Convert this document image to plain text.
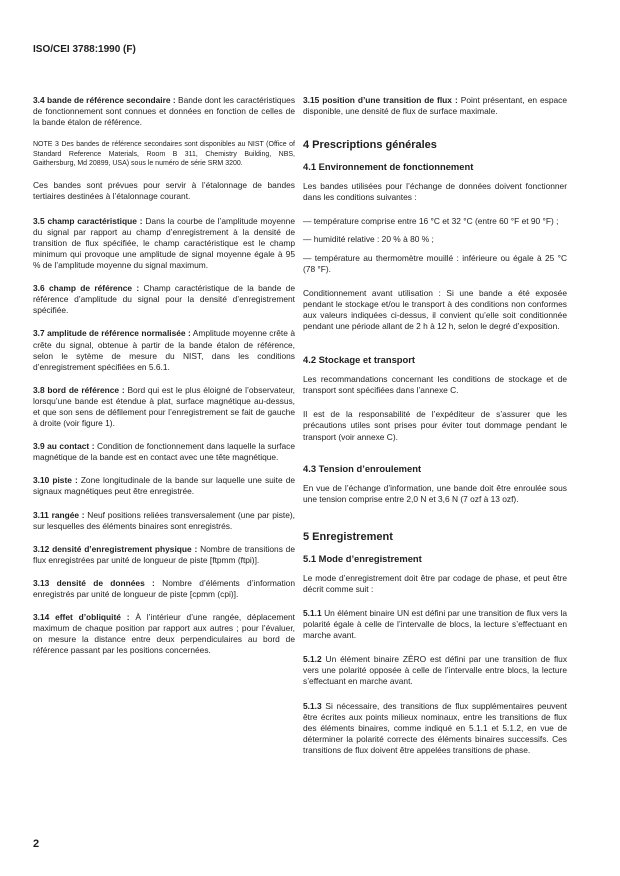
ISO/CEI 3788:1990 (F)

3.4 bande de référence secondaire : Bande dont les caractéristiques de fonctionnement sont connues et données en fonction de celles de la bande étalon de référence.

NOTE 3 Des bandes de référence secondaires sont disponibles au NIST (Office of Standard Reference Materials, Room B 311, Chemistry Building, NBS, Gaithersburg, Md 20899, USA) sous le numéro de série SRM 3200.

Ces bandes sont prévues pour servir à l’étalonnage de bandes tertiaires destinées à l’étalonnage courant.

3.5 champ caractéristique : Dans la courbe de l’amplitude moyenne du signal par rapport au champ d’enregistrement à la densité de transition de flux spécifiée, le champ caractéristique est le champ minimum qui provoque une amplitude de signal moyenne égale à 95 % de l’amplitude moyenne du signal maximum.

3.6 champ de référence : Champ caractéristique de la bande de référence d’amplitude du signal pour la densité d’enregistrement spécifiée.

3.7 amplitude de référence normalisée : Amplitude moyenne crête à crête du signal, obtenue à partir de la bande étalon de référence, selon le sytème de mesure du NIST, dans les conditions d’enregistrement spécifiées en 5.6.1.

3.8 bord de référence : Bord qui est le plus éloigné de l’observateur, lorsqu’une bande est étendue à plat, surface magnétique au-dessus, et que son sens de défilement pour l’enregistrement se fait de gauche à droite (voir figure 1).

3.9 au contact : Condition de fonctionnement dans laquelle la surface magnétique de la bande est en contact avec une tête magnétique.

3.10 piste : Zone longitudinale de la bande sur laquelle une suite de signaux magnétiques peut être enregistrée.

3.11 rangée : Neuf positions reliées transversalement (une par piste), sur lesquelles des éléments binaires sont enregistrés.

3.12 densité d’enregistrement physique : Nombre de transitions de flux enregistrées par unité de longueur de piste [ftpmm (ftpi)].

3.13 densité de données : Nombre d’éléments d’information enregistrés par unité de longueur de piste [cpmm (cpi)].

3.14 effet d’obliquité : À l’intérieur d’une rangée, déplacement maximum de chaque position par rapport aux autres ; pour l’évaluer, on mesure la distance entre deux perpendiculaires au bord de référence passant par les positions concernées.

3.15 position d’une transition de flux : Point présentant, en espace disponible, une densité de flux de surface maximale.

4 Prescriptions générales
4.1 Environnement de fonctionnement

Les bandes utilisées pour l’échange de données doivent fonctionner dans les conditions suivantes :

— température comprise entre 16 °C et 32 °C (entre 60 °F et 90 °F) ;

— humidité relative : 20 % à 80 % ;

— température au thermomètre mouillé : inférieure ou égale à 25 °C (78 °F).

Conditionnement avant utilisation : Si une bande a été exposée pendant le stockage et/ou le transport à des conditions non conformes aux valeurs indiquées ci-dessus, il convient qu’elle soit conditionnée pendant une période allant de 2 h à 12 h, selon le degré d’exposition.

4.2 Stockage et transport

Les recommandations concernant les conditions de stockage et de transport sont spécifiées dans l’annexe C.

Il est de la responsabilité de l’expéditeur de s’assurer que les précautions utiles sont prises pour éviter tout dommage pendant le transport (voir annexe C).

4.3 Tension d’enroulement

En vue de l’échange d’information, une bande doit être enroulée sous une tension comprise entre 2,0 N et 3,6 N (7 ozf à 13 ozf).

5 Enregistrement
5.1 Mode d’enregistrement

Le mode d’enregistrement doit être par codage de phase, et peut être décrit comme suit :

5.1.1 Un élément binaire UN est défini par une transition de flux vers la polarité égale à celle de l’intervalle de blocs, la lecture s’effectuant en marche avant.

5.1.2 Un élément binaire ZÉRO est défini par une transition de flux vers une polarité opposée à celle de l’intervalle entre blocs, la lecture s’effectuant en marche avant.

5.1.3 Si nécessaire, des transitions de flux supplémentaires peuvent être écrites aux points milieux nominaux, entre les transitions de flux des éléments binaires, comme indiqué en 5.1.1 et 5.1.2, en vue de déterminer la polarité correcte des éléments binaires successifs. Ces transitions de flux doivent être appelées transitions de phase.

2
